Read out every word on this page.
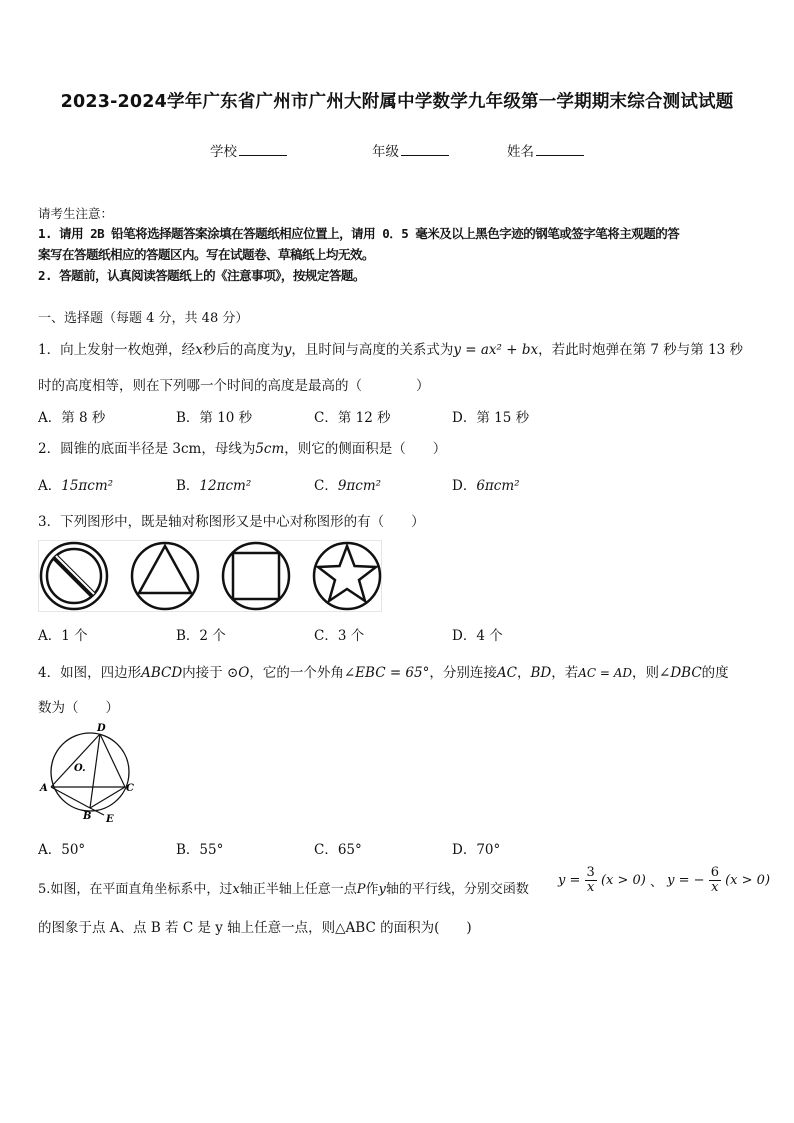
2023-2024学年广东省广州市广州大附属中学数学九年级第一学期期末综合测试试题
学校	年级	姓名
请考生注意：
1. 请用 2B 铅笔将选择题答案涂填在答题纸相应位置上，请用 0．5 毫米及以上黑色字迹的钢笔或签字笔将主观题的答
案写在答题纸相应的答题区内。写在试题卷、草稿纸上均无效。
2. 答题前，认真阅读答题纸上的《注意事项》，按规定答题。
一、选择题（每题 4 分，共 48 分）
1．向上发射一枚炮弹，经x秒后的高度为y，且时间与高度的关系式为y = ax² + bx，若此时炮弹在第 7 秒与第 13 秒
时的高度相等，则在下列哪一个时间的高度是最高的（　　　　）
A．第 8 秒	B．第 10 秒	C．第 12 秒	D．第 15 秒
2．圆锥的底面半径是 3cm，母线为5cm，则它的侧面积是（　　）
A．15πcm²	B．12πcm²	C．9πcm²	D．6πcm²
3．下列图形中，既是轴对称图形又是中心对称图形的有（　　）
A．1 个	B．2 个	C．3 个	D．4 个
4．如图，四边形ABCD内接于 ⊙O，它的一个外角∠EBC = 65°，分别连接AC，BD，若AC = AD，则∠DBC的度
数为（　　）
D
O.
A	C
B E
A．50°	B．55°	C．65°	D．70°
5.如图，在平面直角坐标系中，过x轴正半轴上任意一点P作y轴的平行线，分别交函数
$y = \frac{3}{x} (x > 0)$ 、 y = − $\frac{6}{x} (x > 0)$
的图象于点 A、点 B 若 C 是 y 轴上任意一点，则△ABC 的面积为(　　)
